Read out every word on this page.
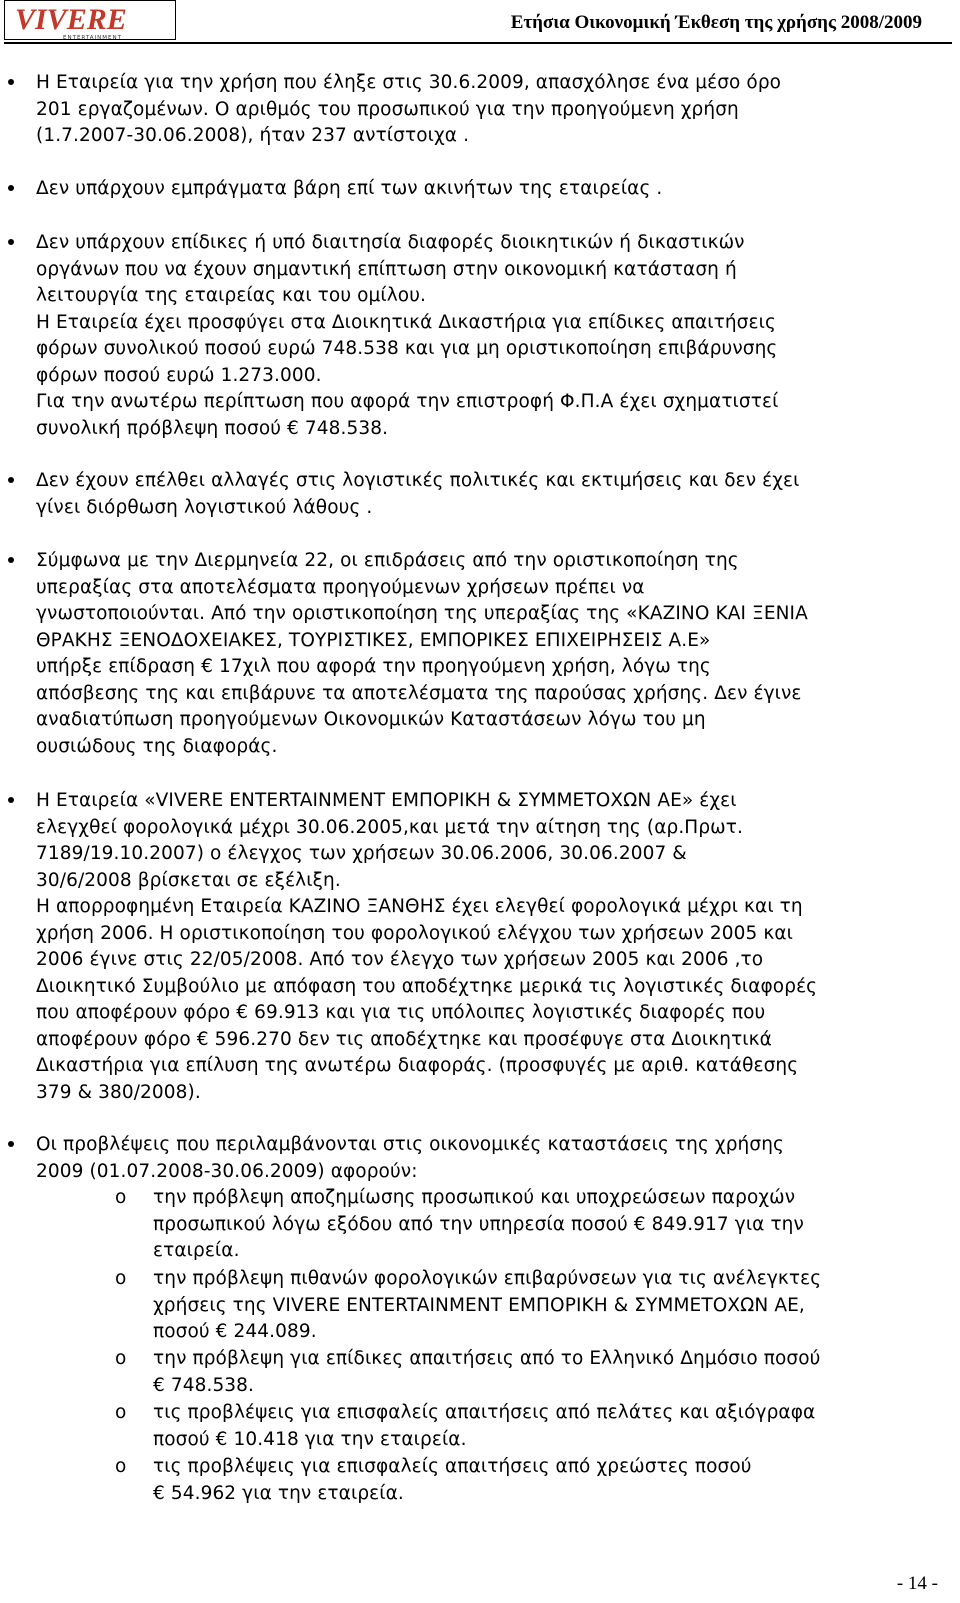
VIVERE
ENTERTAINMENT
Ετήσια Οικονομική Έκθεση της χρήσης 2008/2009

Η Εταιρεία για την χρήση που έληξε στις 30.6.2009, απασχόλησε ένα μέσο όρο
201 εργαζομένων. Ο αριθμός του προσωπικού για την προηγούμενη χρήση
(1.7.2007-30.06.2008), ήταν 237 αντίστοιχα .

Δεν υπάρχουν εμπράγματα βάρη επί των ακινήτων της εταιρείας .

Δεν υπάρχουν επίδικες ή υπό διαιτησία διαφορές διοικητικών ή δικαστικών
οργάνων που να έχουν σημαντική επίπτωση στην οικονομική κατάσταση ή
λειτουργία της εταιρείας και του ομίλου.
Η Εταιρεία έχει προσφύγει στα Διοικητικά Δικαστήρια για επίδικες απαιτήσεις
φόρων συνολικού ποσού ευρώ 748.538 και για μη οριστικοποίηση επιβάρυνσης
φόρων ποσού ευρώ 1.273.000.
Για την ανωτέρω περίπτωση που αφορά την επιστροφή Φ.Π.Α έχει σχηματιστεί
συνολική πρόβλεψη ποσού € 748.538.

Δεν έχουν επέλθει αλλαγές στις λογιστικές πολιτικές και εκτιμήσεις και δεν έχει
γίνει διόρθωση λογιστικού λάθους .

Σύμφωνα με την Διερμηνεία 22, οι επιδράσεις από την οριστικοποίηση της
υπεραξίας στα αποτελέσματα προηγούμενων χρήσεων πρέπει να
γνωστοποιούνται. Από την οριστικοποίηση της υπεραξίας της «ΚΑΖΙΝΟ ΚΑΙ ΞΕΝΙΑ
ΘΡΑΚΗΣ ΞΕΝΟΔΟΧΕΙΑΚΕΣ, ΤΟΥΡΙΣΤΙΚΕΣ, ΕΜΠΟΡΙΚΕΣ ΕΠΙΧΕΙΡΗΣΕΙΣ Α.Ε»
υπήρξε επίδραση € 17χιλ που αφορά την προηγούμενη χρήση, λόγω της
απόσβεσης της και επιβάρυνε τα αποτελέσματα της παρούσας χρήσης. Δεν έγινε
αναδιατύπωση προηγούμενων Οικονομικών Καταστάσεων λόγω του μη
ουσιώδους της διαφοράς.

Η Εταιρεία «VIVERE ENTERTAINMENT ΕΜΠΟΡΙΚΗ & ΣΥΜΜΕΤΟΧΩΝ ΑΕ» έχει
ελεγχθεί φορολογικά μέχρι 30.06.2005,και μετά την αίτηση της (αρ.Πρωτ.
7189/19.10.2007) ο έλεγχος των χρήσεων 30.06.2006, 30.06.2007 &
30/6/2008 βρίσκεται σε εξέλιξη.
Η απορροφημένη Εταιρεία ΚΑΖΙΝΟ ΞΑΝΘΗΣ έχει ελεγθεί φορολογικά μέχρι και τη
χρήση 2006. Η οριστικοποίηση του φορολογικού ελέγχου των χρήσεων 2005 και
2006 έγινε στις 22/05/2008. Από τον έλεγχο των χρήσεων 2005 και 2006 ,το
Διοικητικό Συμβούλιο με απόφαση του αποδέχτηκε μερικά τις λογιστικές διαφορές
που αποφέρουν φόρο € 69.913 και για τις υπόλοιπες λογιστικές διαφορές που
αποφέρουν φόρο € 596.270 δεν τις αποδέχτηκε και προσέφυγε στα Διοικητικά
Δικαστήρια για επίλυση της ανωτέρω διαφοράς. (προσφυγές με αριθ. κατάθεσης
379 & 380/2008).

Οι προβλέψεις που περιλαμβάνονται στις οικονομικές καταστάσεις της χρήσης
2009 (01.07.2008-30.06.2009) αφορούν:

o την πρόβλεψη αποζημίωσης προσωπικού και υποχρεώσεων παροχών
προσωπικού λόγω εξόδου από την υπηρεσία ποσού € 849.917 για την
εταιρεία.

o την πρόβλεψη πιθανών φορολογικών επιβαρύνσεων για τις ανέλεγκτες
χρήσεις της VIVERE ENTERTAINMENT ΕΜΠΟΡΙΚΗ & ΣΥΜΜΕΤΟΧΩΝ ΑΕ,
ποσού € 244.089.

o την πρόβλεψη για επίδικες απαιτήσεις από το Ελληνικό Δημόσιο ποσού
€ 748.538.

o τις προβλέψεις για επισφαλείς απαιτήσεις από πελάτες και αξιόγραφα
ποσού € 10.418 για την εταιρεία.

o τις προβλέψεις για επισφαλείς απαιτήσεις από χρεώστες ποσού
€ 54.962 για την εταιρεία.

- 14 -
